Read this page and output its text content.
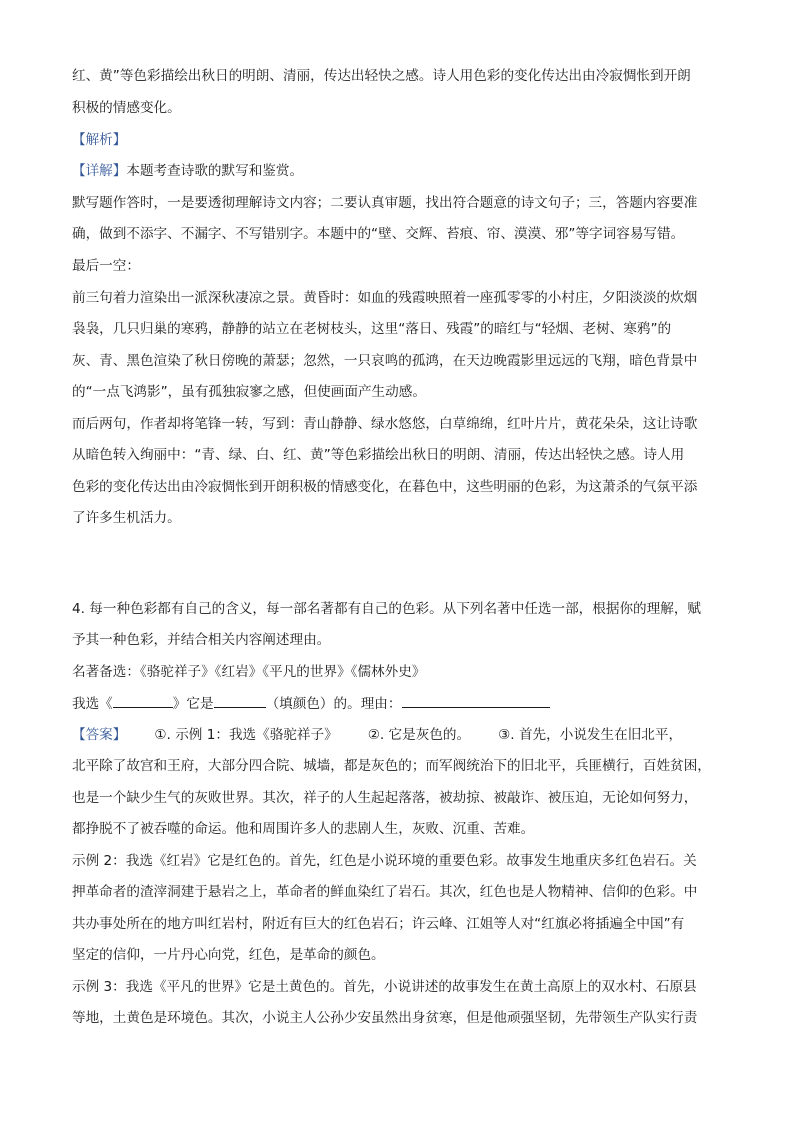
红、黄”等色彩描绘出秋日的明朗、清丽，传达出轻快之感。诗人用色彩的变化传达出由冷寂惆怅到开朗
积极的情感变化。
【解析】
【详解】本题考查诗歌的默写和鉴赏。
默写题作答时，一是要透彻理解诗文内容；二要认真审题，找出符合题意的诗文句子；三，答题内容要准
确，做到不添字、不漏字、不写错别字。本题中的“壁、交辉、苔痕、帘、漠漠、邪”等字词容易写错。
最后一空：
前三句着力渲染出一派深秋凄凉之景。黄昏时：如血的残霞映照着一座孤零零的小村庄，夕阳淡淡的炊烟
袅袅，几只归巢的寒鸦，静静的站立在老树枝头，这里“落日、残霞”的暗红与“轻烟、老树、寒鸦”的
灰、青、黑色渲染了秋日傍晚的萧瑟；忽然，一只哀鸣的孤鸿，在天边晚霞影里远远的飞翔，暗色背景中
的“一点飞鸿影”，虽有孤独寂寥之感，但使画面产生动感。
而后两句，作者却将笔锋一转，写到：青山静静、绿水悠悠，白草绵绵，红叶片片，黄花朵朵，这让诗歌
从暗色转入绚丽中：“青、绿、白、红、黄”等色彩描绘出秋日的明朗、清丽，传达出轻快之感。诗人用
色彩的变化传达出由冷寂惆怅到开朗积极的情感变化，在暮色中，这些明丽的色彩，为这萧杀的气氛平添
了许多生机活力。
4. 每一种色彩都有自己的含义，每一部名著都有自己的色彩。从下列名著中任选一部，根据你的理解，赋
予其一种色彩，并结合相关内容阐述理由。
名著备选：《骆驼祥子》《红岩》《平凡的世界》《儒林外史》
我选《	》它是	（填颜色）的。理由：
【答案】 ①. 示例 1：我选《骆驼祥子》 ②. 它是灰色的。 ③. 首先，小说发生在旧北平，
北平除了故宫和王府，大部分四合院、城墙，都是灰色的；而军阀统治下的旧北平，兵匪横行，百姓贫困，
也是一个缺少生气的灰败世界。其次，祥子的人生起起落落，被劫掠、被敲诈、被压迫，无论如何努力，
都挣脱不了被吞噬的命运。他和周围许多人的悲剧人生，灰败、沉重、苦难。
示例 2：我选《红岩》它是红色的。首先，红色是小说环境的重要色彩。故事发生地重庆多红色岩石。关
押革命者的渣滓洞建于悬岩之上，革命者的鲜血染红了岩石。其次，红色也是人物精神、信仰的色彩。中
共办事处所在的地方叫红岩村，附近有巨大的红色岩石；许云峰、江姐等人对“红旗必将插遍全中国”有
坚定的信仰，一片丹心向党，红色，是革命的颜色。
示例 3：我选《平凡的世界》它是土黄色的。首先，小说讲述的故事发生在黄土高原上的双水村、石原县
等地，土黄色是环境色。其次，小说主人公孙少安虽然出身贫寒，但是他顽强坚韧，先带领生产队实行责
